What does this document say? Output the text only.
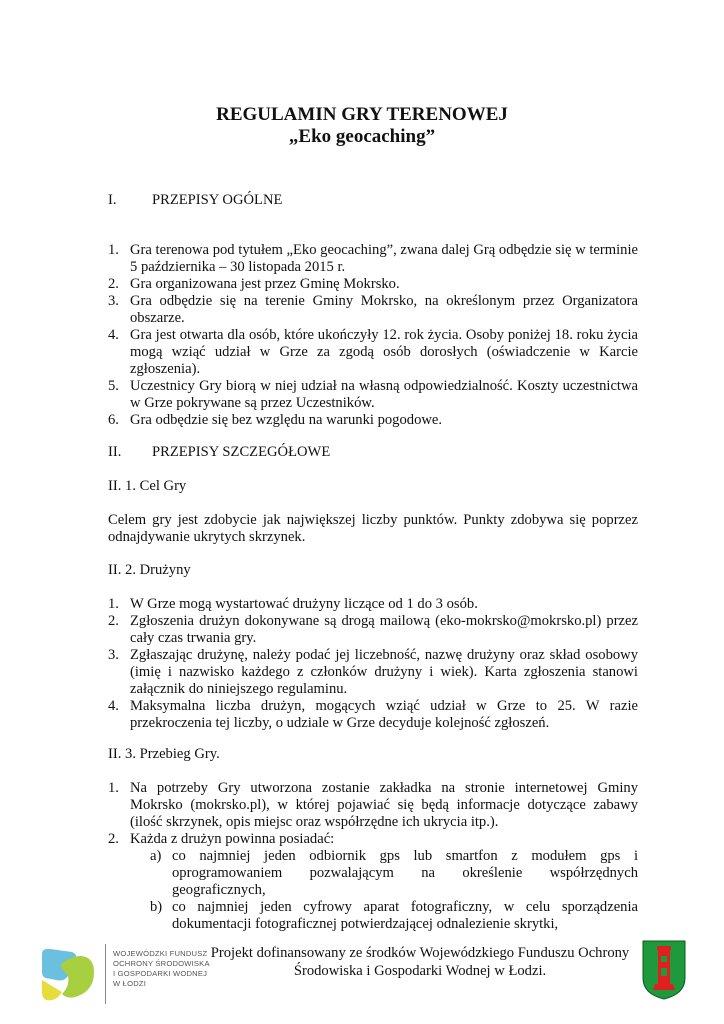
REGULAMIN GRY TERENOWEJ
„Eko geocaching”
I. PRZEPISY OGÓLNE
1. Gra terenowa pod tytułem „Eko geocaching”, zwana dalej Grą odbędzie się w terminie 5 października – 30 listopada 2015 r.
2. Gra organizowana jest przez Gminę Mokrsko.
3. Gra odbędzie się na terenie Gminy Mokrsko, na określonym przez Organizatora obszarze.
4. Gra jest otwarta dla osób, które ukończyły 12. rok życia. Osoby poniżej 18. roku życia mogą wziąć udział w Grze za zgodą osób dorosłych (oświadczenie w Karcie zgłoszenia).
5. Uczestnicy Gry biorą w niej udział na własną odpowiedzialność. Koszty uczestnictwa w Grze pokrywane są przez Uczestników.
6. Gra odbędzie się bez względu na warunki pogodowe.
II. PRZEPISY SZCZEGÓŁOWE
II. 1. Cel Gry
Celem gry jest zdobycie jak największej liczby punktów. Punkty zdobywa się poprzez odnajdywanie ukrytych skrzynek.
II. 2. Drużyny
1. W Grze mogą wystartować drużyny liczące od 1 do 3 osób.
2. Zgłoszenia drużyn dokonywane są drogą mailową (eko-mokrsko@mokrsko.pl) przez cały czas trwania gry.
3. Zgłaszając drużynę, należy podać jej liczebność, nazwę drużyny oraz skład osobowy (imię i nazwisko każdego z członków drużyny i wiek). Karta zgłoszenia stanowi załącznik do niniejszego regulaminu.
4. Maksymalna liczba drużyn, mogących wziąć udział w Grze to 25. W razie przekroczenia tej liczby, o udziale w Grze decyduje kolejność zgłoszeń.
II. 3. Przebieg Gry.
1. Na potrzeby Gry utworzona zostanie zakładka na stronie internetowej Gminy Mokrsko (mokrsko.pl), w której pojawiać się będą informacje dotyczące zabawy (ilość skrzynek, opis miejsc oraz współrzędne ich ukrycia itp.).
2. Każda z drużyn powinna posiadać:
a) co najmniej jeden odbiornik gps lub smartfon z modułem gps i oprogramowaniem pozwalającym na określenie współrzędnych geograficznych,
b) co najmniej jeden cyfrowy aparat fotograficzny, w celu sporządzenia dokumentacji fotograficznej potwierdzającej odnalezienie skrytki,
WOJEWÓDZKI FUNDUSZ
OCHRONY ŚRODOWISKA
I GOSPODARKI WODNEJ
W ŁODZI
Projekt dofinansowany ze środków Wojewódzkiego Funduszu Ochrony
Środowiska i Gospodarki Wodnej w Łodzi.
